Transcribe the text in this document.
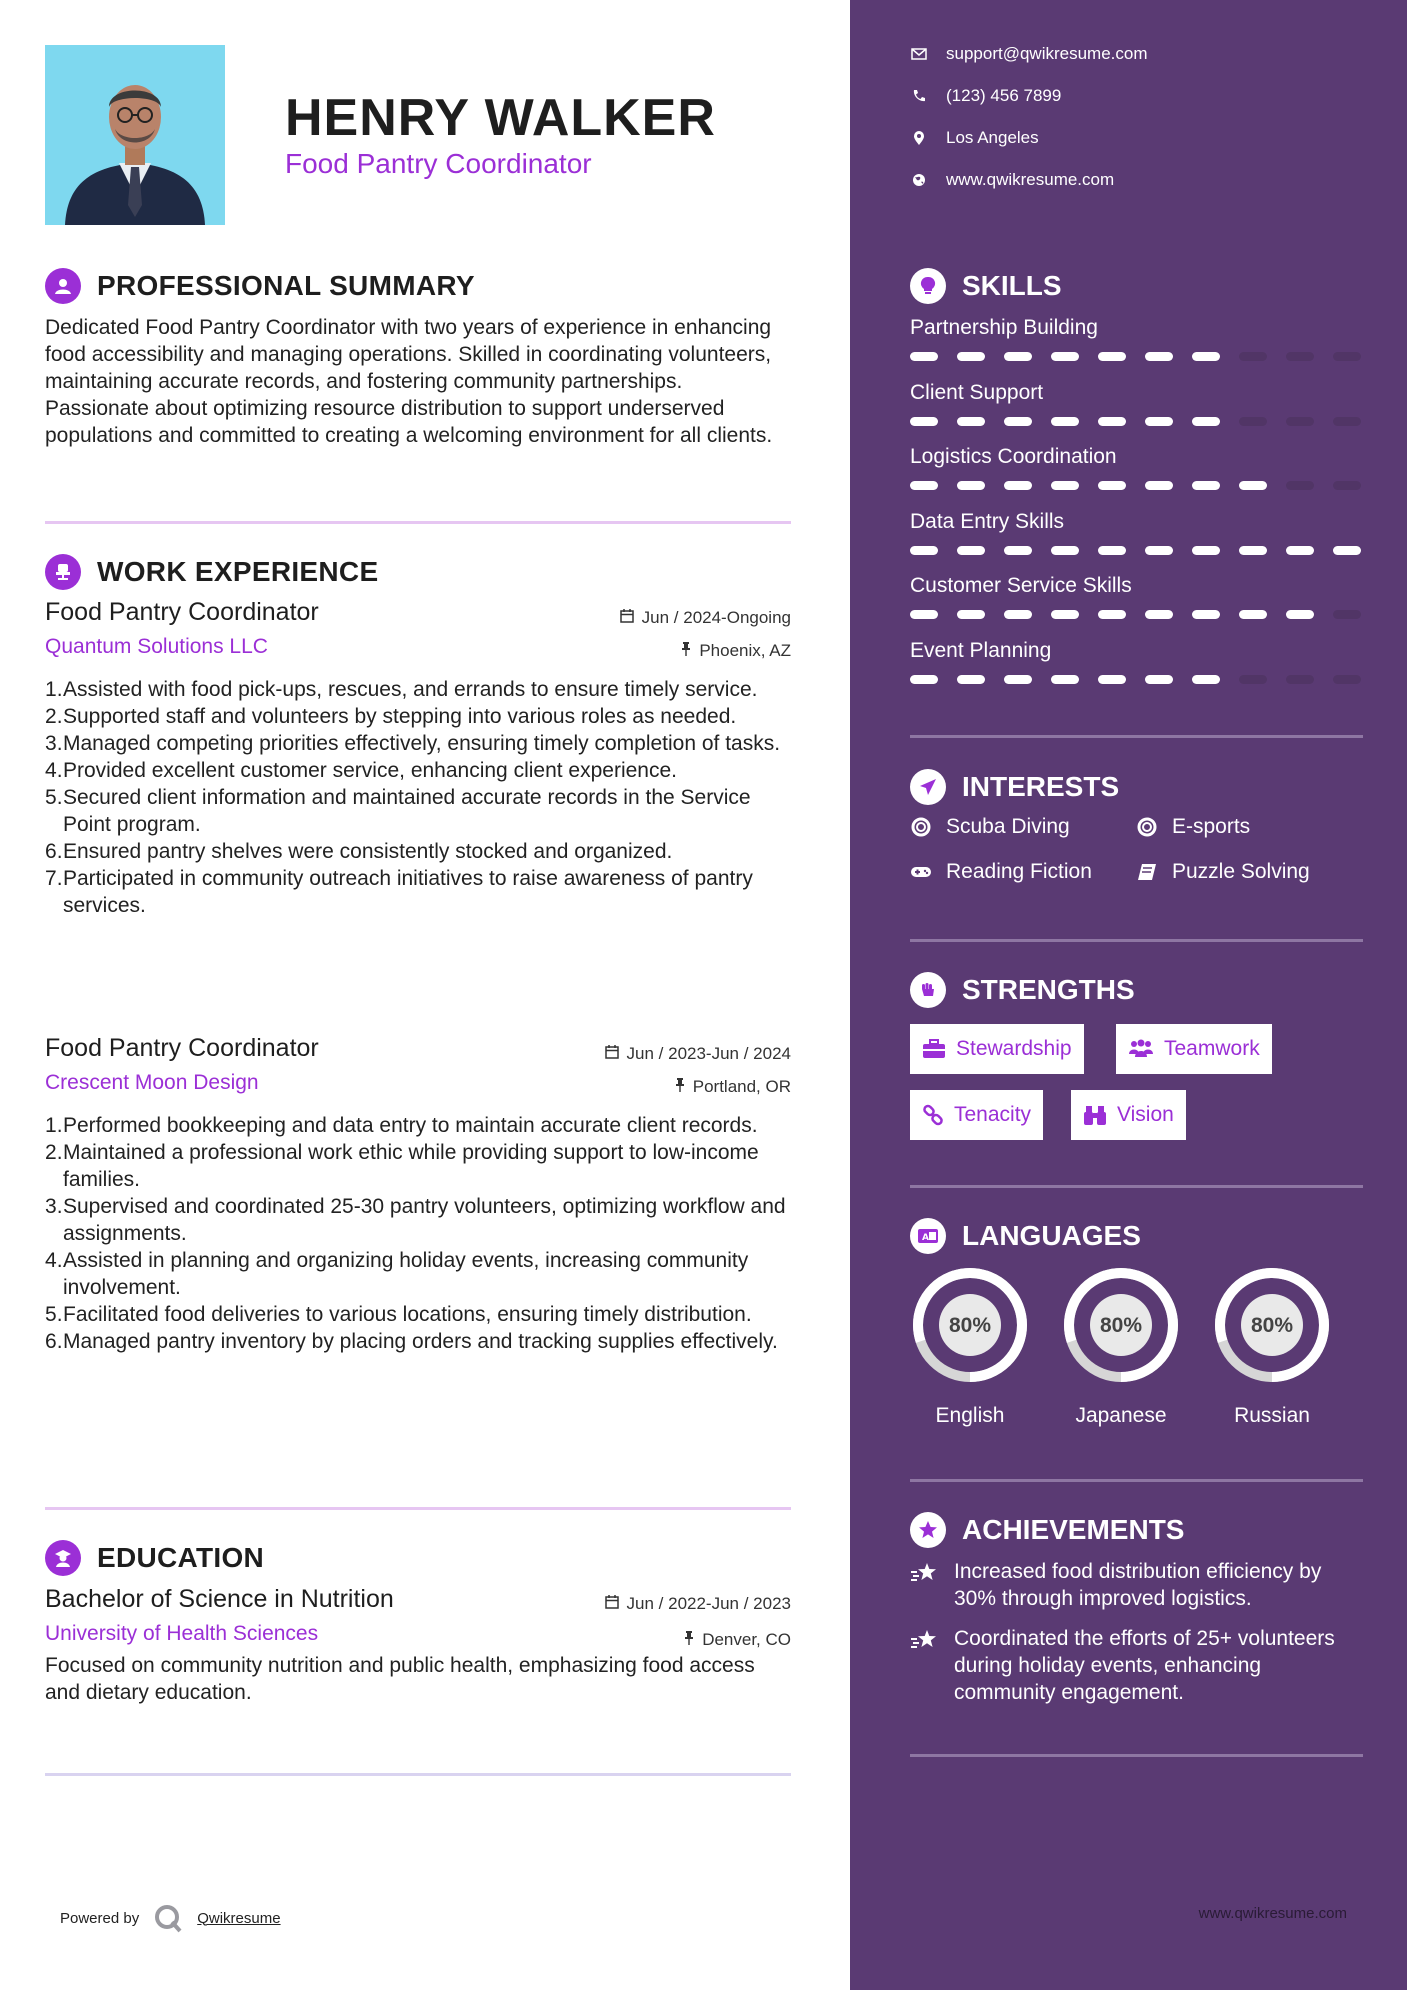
HENRY WALKER
Food Pantry Coordinator
PROFESSIONAL SUMMARY
Dedicated Food Pantry Coordinator with two years of experience in enhancing food accessibility and managing operations. Skilled in coordinating volunteers, maintaining accurate records, and fostering community partnerships. Passionate about optimizing resource distribution to support underserved populations and committed to creating a welcoming environment for all clients.
WORK EXPERIENCE
Food Pantry Coordinator	Jun / 2024-Ongoing
Quantum Solutions LLC	Phoenix, AZ
Assisted with food pick-ups, rescues, and errands to ensure timely service.
Supported staff and volunteers by stepping into various roles as needed.
Managed competing priorities effectively, ensuring timely completion of tasks.
Provided excellent customer service, enhancing client experience.
Secured client information and maintained accurate records in the Service Point program.
Ensured pantry shelves were consistently stocked and organized.
Participated in community outreach initiatives to raise awareness of pantry services.
Food Pantry Coordinator	Jun / 2023-Jun / 2024
Crescent Moon Design	Portland, OR
Performed bookkeeping and data entry to maintain accurate client records.
Maintained a professional work ethic while providing support to low-income families.
Supervised and coordinated 25-30 pantry volunteers, optimizing workflow and assignments.
Assisted in planning and organizing holiday events, increasing community involvement.
Facilitated food deliveries to various locations, ensuring timely distribution.
Managed pantry inventory by placing orders and tracking supplies effectively.
EDUCATION
Bachelor of Science in Nutrition	Jun / 2022-Jun / 2023
University of Health Sciences	Denver, CO
Focused on community nutrition and public health, emphasizing food access and dietary education.
Powered by	Qwikresume
support@qwikresume.com
(123) 456 7899
Los Angeles
www.qwikresume.com
SKILLS
Partnership Building
Client Support
Logistics Coordination
Data Entry Skills
Customer Service Skills
Event Planning
INTERESTS
Scuba Diving	E-sports
Reading Fiction	Puzzle Solving
STRENGTHS
Stewardship	Teamwork
Tenacity	Vision
A LANGUAGES
80%
English
80%
Japanese
80%
Russian
ACHIEVEMENTS
Increased food distribution efficiency by 30% through improved logistics.
Coordinated the efforts of 25+ volunteers during holiday events, enhancing community engagement.
www.qwikresume.com
